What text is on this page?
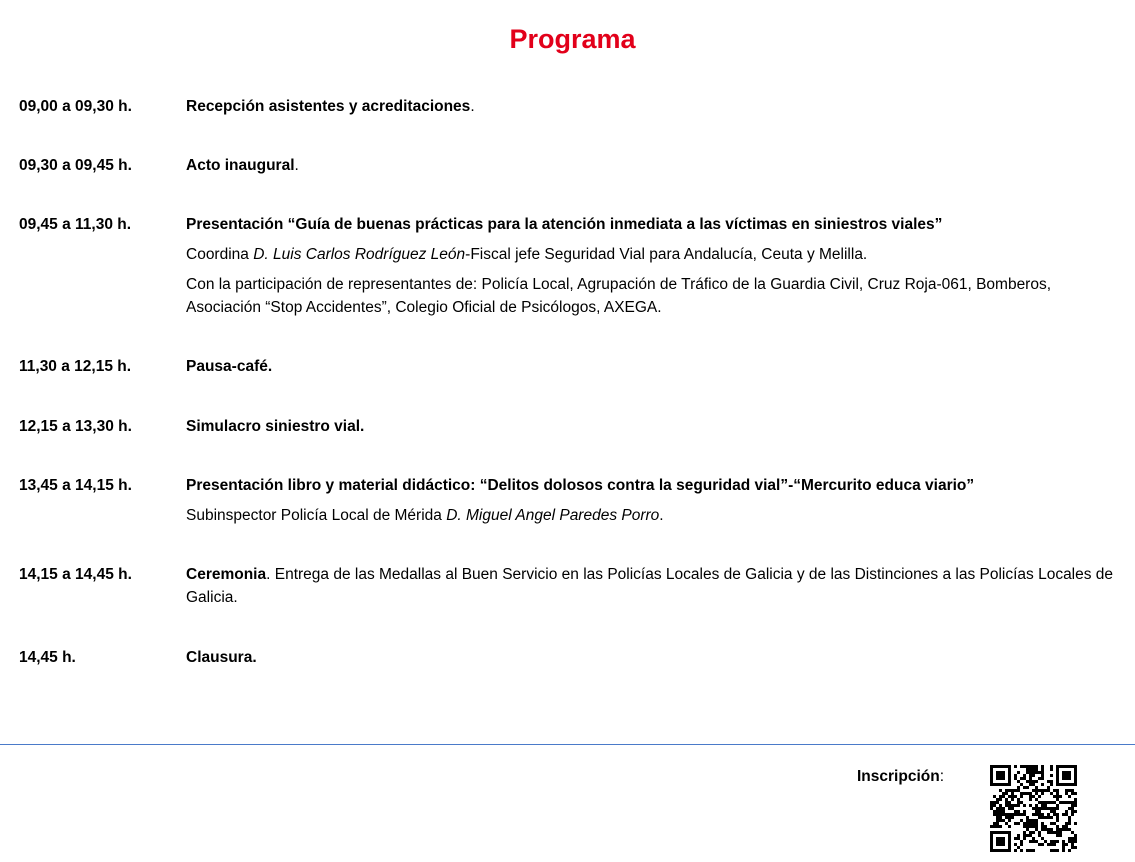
Programa
09,00 a 09,30 h.	Recepción asistentes y acreditaciones.

09,30 a 09,45 h.	Acto inaugural.

09,45 a 11,30 h.	Presentación “Guía de buenas prácticas para la atención inmediata a las víctimas en siniestros viales”

Coordina D. Luis Carlos Rodríguez León-Fiscal jefe Seguridad Vial para Andalucía, Ceuta y Melilla.

Con la participación de representantes de: Policía Local, Agrupación de Tráfico de la Guardia Civil, Cruz Roja-061, Bomberos, Asociación “Stop Accidentes”, Colegio Oficial de Psicólogos, AXEGA.

11,30 a 12,15 h.	Pausa-café.

12,15 a 13,30 h.	Simulacro siniestro vial.

13,45 a 14,15 h.	Presentación libro y material didáctico: “Delitos dolosos contra la seguridad vial”-“Mercurito educa viario”

Subinspector Policía Local de Mérida D. Miguel Angel Paredes Porro.

14,15 a 14,45 h.	Ceremonia. Entrega de las Medallas al Buen Servicio en las Policías Locales de Galicia y de las Distinciones a las Policías Locales de Galicia.

14,45 h.	Clausura.

Inscripción:
